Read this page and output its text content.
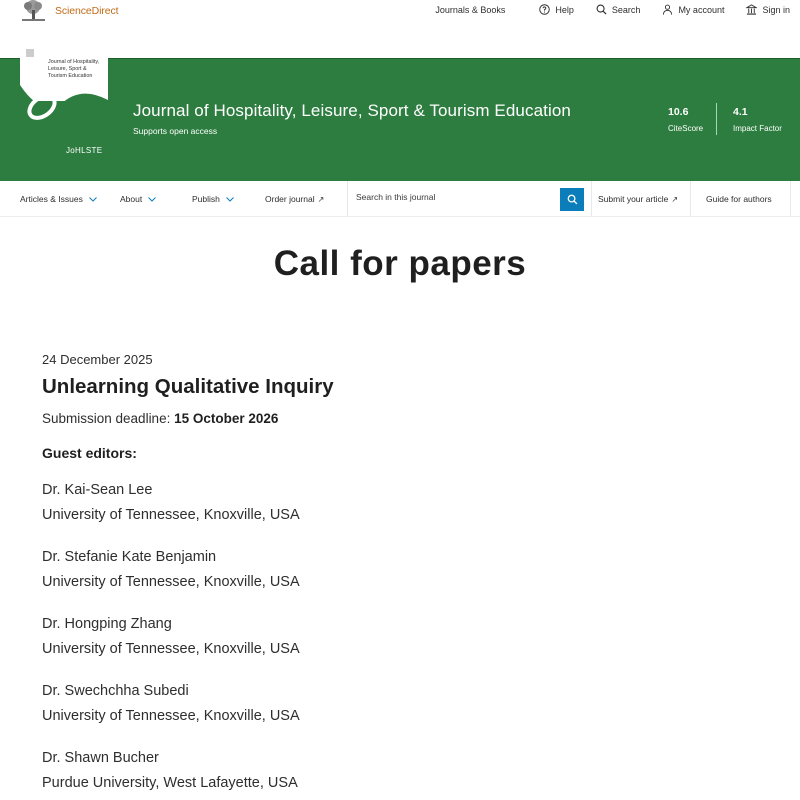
ScienceDirect	Journals & Books	Help	Search	My account	Sign in
Journal of Hospitality, Leisure, Sport & Tourism Education
JoHLSTE
Journal of Hospitality, Leisure, Sport & Tourism Education
Supports open access
10.6
CiteScore
4.1
Impact Factor
Articles & Issues	About	Publish	Order journal ↗
Search in this journal	Submit your article ↗	Guide for authors
Call for papers
24 December 2025
Unlearning Qualitative Inquiry
Submission deadline: 15 October 2026
Guest editors:
Dr. Kai-Sean Lee
University of Tennessee, Knoxville, USA
Dr. Stefanie Kate Benjamin
University of Tennessee, Knoxville, USA
Dr. Hongping Zhang
University of Tennessee, Knoxville, USA
Dr. Swechchha Subedi
University of Tennessee, Knoxville, USA
Dr. Shawn Bucher
Purdue University, West Lafayette, USA
